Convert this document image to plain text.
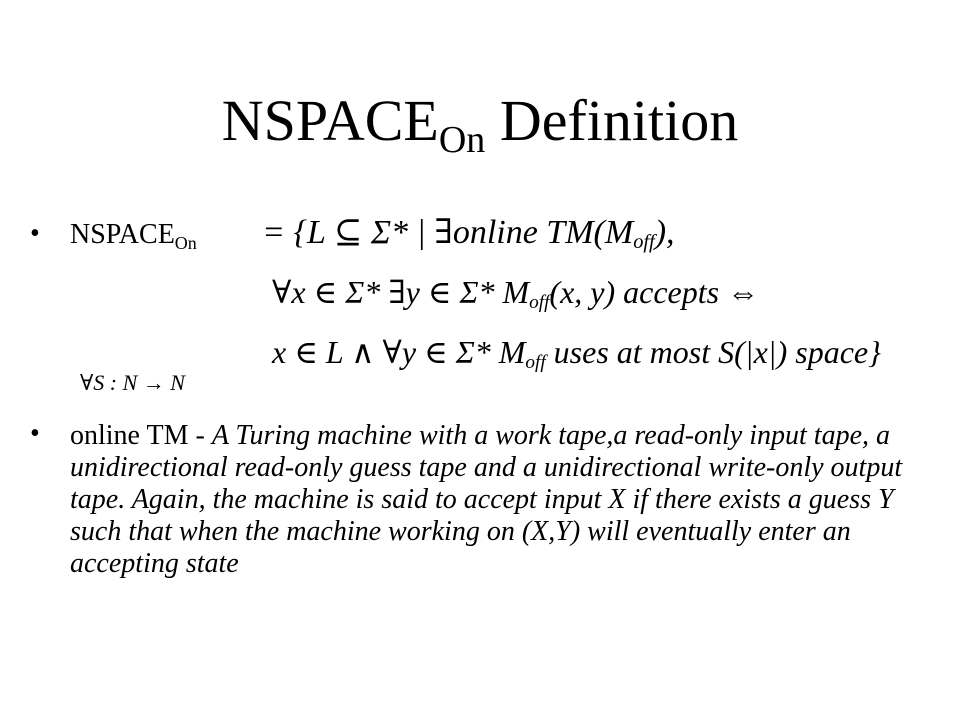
$NSPACE_{On}$ Definition
• $NSPACE_{On} = \{L$ ⊆ Σ* | ∃online $TM(M_{off})$,
∀x ∈ Σ* ∃y ∈ Σ* $M_{off}(x$, y) accepts ⇔
x ∈ L ∧ ∀y ∈ Σ* $M_{off}$ uses at most S(|x|) space}
∀S : N → N
• online TM - A Turing machine with a work tape,a read-only input tape, a unidirectional read-only guess tape and a unidirectional write-only output tape. Again, the machine is said to accept input X if there exists a guess Y such that when the machine working on (X,Y) will eventually enter an accepting state
